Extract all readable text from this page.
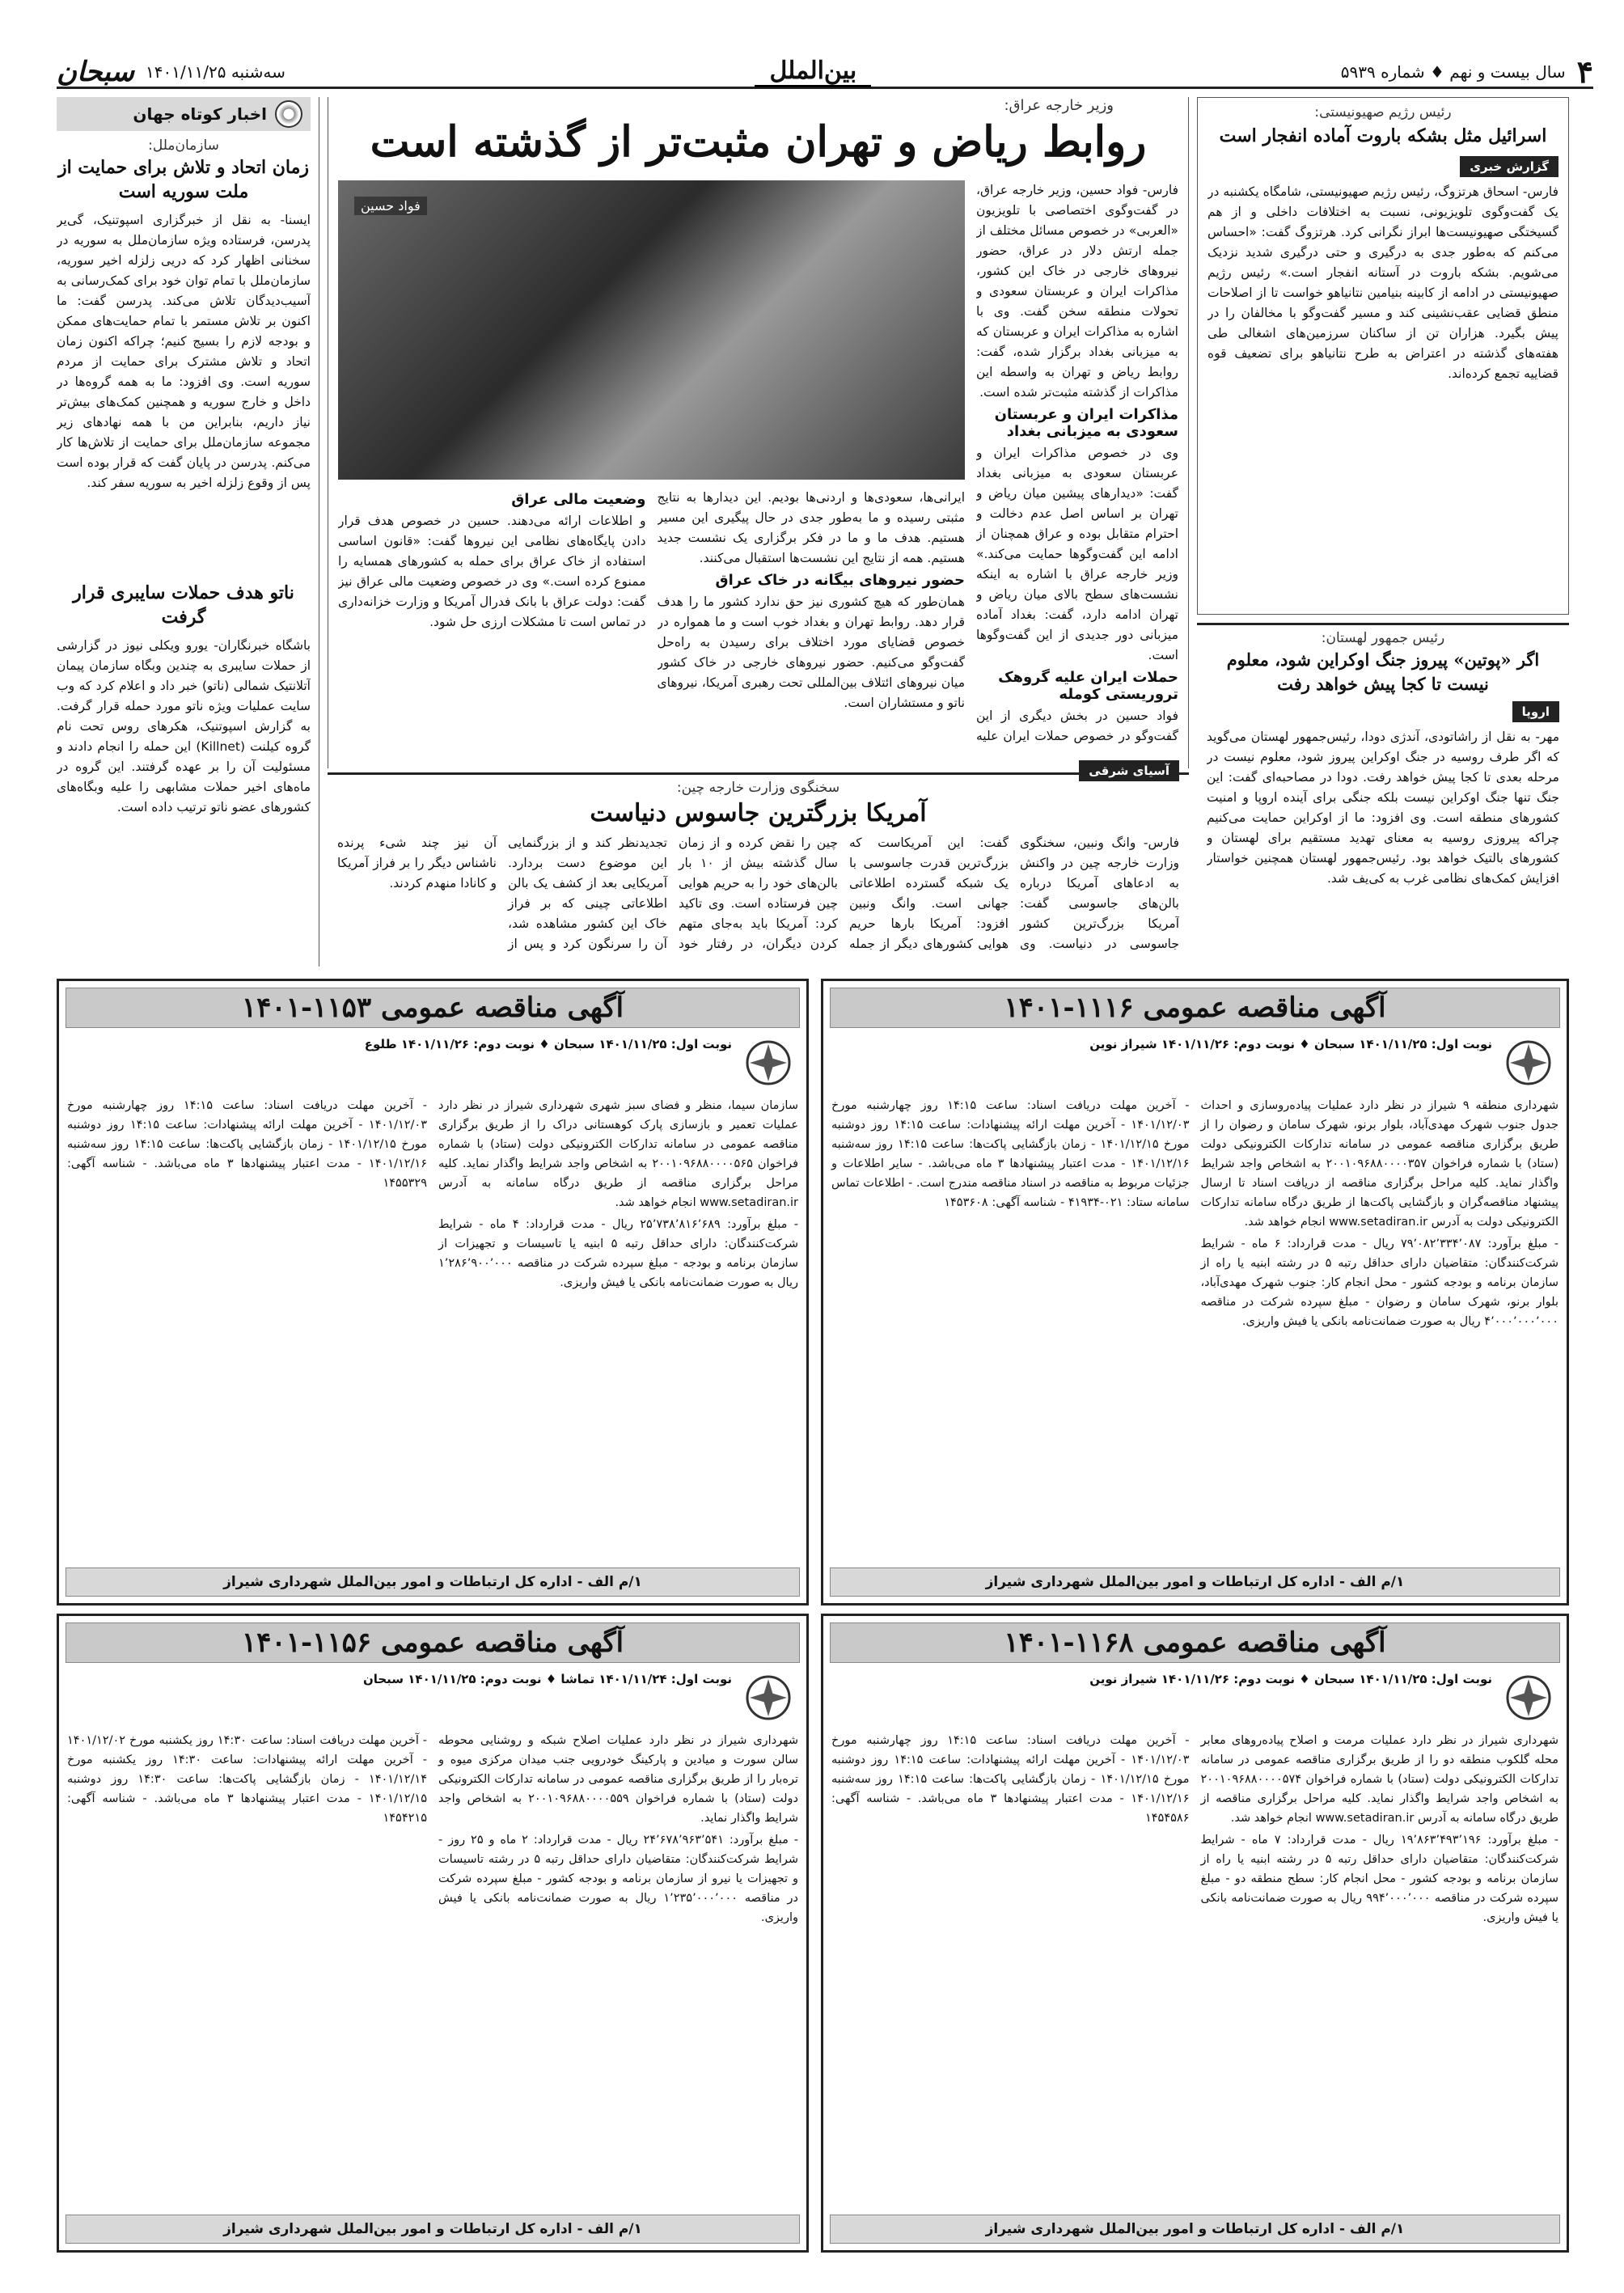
۴
سال بیست و نهم ♦ شماره ۵۹۳۹
بین‌الملل
سه‌شنبه ۱۴۰۱/۱۱/۲۵
سبحان
اخبار کوتاه جهان
سازمان‌ملل:
زمان اتحاد و تلاش برای حمایت از ملت سوریه است

ایسنا- به نقل از خبرگزاری اسپوتنیک، گی‌یر پدرسن، فرستاده ویژه سازمان‌ملل به سوریه در سخنانی اظهار کرد که دریی زلزله اخیر سوریه، سازمان‌ملل با تمام توان خود برای کمک‌رسانی به آسیب‌دیدگان تلاش می‌کند. پدرسن گفت: ما اکنون بر تلاش مستمر با تمام حمایت‌های ممکن و بودجه لازم را بسیج کنیم؛ چراکه اکنون زمان اتحاد و تلاش مشترک برای حمایت از مردم سوریه است. وی افزود: ما به همه گروه‌ها در داخل و خارج سوریه و همچنین کمک‌های بیش‌تر نیاز داریم، بنابراین من با همه نهادهای زیر مجموعه سازمان‌ملل برای حمایت از تلاش‌ها کار می‌کنم. پدرسن در پایان گفت که قرار بوده است پس از وقوع زلزله اخیر به سوریه سفر کند.

ناتو هدف حملات سایبری قرار گرفت

باشگاه خبرنگاران- یورو ویکلی نیوز در گزارشی از حملات سایبری به چندین وبگاه سازمان پیمان آتلانتیک شمالی (ناتو) خبر داد و اعلام کرد که وب سایت عملیات ویژه ناتو مورد حمله قرار گرفت. به گزارش اسپوتنیک، هکرهای روس تحت نام گروه کیلنت (Killnet) این حمله را انجام دادند و مسئولیت آن را بر عهده گرفتند. این گروه در ماه‌های اخیر حملات مشابهی را علیه وبگاه‌های کشورهای عضو ناتو ترتیب داده است.

رئیس رژیم صهیونیستی:
اسرائیل مثل بشکه باروت آماده انفجار است
گزارش خبری

فارس- اسحاق هرتزوگ، رئیس رژیم صهیونیستی، شامگاه یکشنبه در یک گفت‌وگوی تلویزیونی، نسبت به اختلافات داخلی و از هم گسیختگی صهیونیست‌ها ابراز نگرانی کرد. هرتزوگ گفت: «احساس می‌کنم که به‌طور جدی به درگیری و حتی درگیری شدید نزدیک می‌شویم. بشکه باروت در آستانه انفجار است.» رئیس رژیم صهیونیستی در ادامه از کابینه بنیامین نتانیاهو خواست تا از اصلاحات منطق قضایی عقب‌نشینی کند و مسیر گفت‌وگو با مخالفان را در پیش بگیرد. هزاران تن از ساکنان سرزمین‌های اشغالی طی هفته‌های گذشته در اعتراض به طرح نتانیاهو برای تضعیف قوه قضاییه تجمع کرده‌اند.

رئیس جمهور لهستان:
اگر «پوتین» پیروز جنگ اوکراین شود، معلوم نیست تا کجا پیش خواهد رفت
اروپا

مهر- به نقل از راشاتودی، آندژی دودا، رئیس‌جمهور لهستان می‌گوید که اگر طرف روسیه در جنگ اوکراین پیروز شود، معلوم نیست در مرحله بعدی تا کجا پیش خواهد رفت. دودا در مصاحبه‌ای گفت: این جنگ تنها جنگ اوکراین نیست بلکه جنگی برای آینده اروپا و امنیت کشورهای منطقه است. وی افزود: ما از اوکراین حمایت می‌کنیم چراکه پیروزی روسیه به معنای تهدید مستقیم برای لهستان و کشورهای بالتیک خواهد بود. رئیس‌جمهور لهستان همچنین خواستار افزایش کمک‌های نظامی غرب به کی‌یف شد.

وزیر خارجه عراق:
روابط ریاض و تهران مثبت‌تر از گذشته است

فارس- فواد حسین، وزیر خارجه عراق، در گفت‌وگوی اختصاصی با تلویزیون «العربی» در خصوص مسائل مختلف از جمله ارتش دلار در عراق، حضور نیروهای خارجی در خاک این کشور، مذاکرات ایران و عربستان سعودی و تحولات منطقه سخن گفت. وی با اشاره به مذاکرات ایران و عربستان که به میزبانی بغداد برگزار شده، گفت: روابط ریاض و تهران به واسطه این مذاکرات از گذشته مثبت‌تر شده است.

مذاکرات ایران و عربستان سعودی به میزبانی بغداد

وی در خصوص مذاکرات ایران و عربستان سعودی به میزبانی بغداد گفت: «دیدارهای پیشین میان ریاض و تهران بر اساس اصل عدم دخالت و احترام متقابل بوده و عراق همچنان از ادامه این گفت‌وگوها حمایت می‌کند.» وزیر خارجه عراق با اشاره به اینکه نشست‌های سطح بالای میان ریاض و تهران ادامه دارد، گفت: بغداد آماده میزبانی دور جدیدی از این گفت‌وگوها است.

حملات ایران علیه گروهک تروریستی کومله

فواد حسین در بخش دیگری از این گفت‌وگو در خصوص حملات ایران علیه

فواد حسین

ایرانی‌ها، سعودی‌ها و اردنی‌ها بودیم. این دیدارها به نتایج مثبتی رسیده و ما به‌طور جدی در حال پیگیری این مسیر هستیم. هدف ما و ما در فکر برگزاری یک نشست جدید هستیم. همه از نتایج این نشست‌ها استقبال می‌کنند.

حضور نیروهای بیگانه در خاک عراق

همان‌طور که هیچ کشوری نیز حق ندارد کشور ما را هدف قرار دهد. روابط تهران و بغداد خوب است و ما همواره در خصوص قضایای مورد اختلاف برای رسیدن به راه‌حل گفت‌وگو می‌کنیم. حضور نیروهای خارجی در خاک کشور میان نیروهای ائتلاف بین‌المللی تحت رهبری آمریکا، نیروهای ناتو و مستشاران است.

وضعیت مالی عراق

و اطلاعات ارائه می‌دهند. حسین در خصوص هدف قرار دادن پایگاه‌های نظامی این نیروها گفت: «قانون اساسی استفاده از خاک عراق برای حمله به کشورهای همسایه را ممنوع کرده است.» وی در خصوص وضعیت مالی عراق نیز گفت: دولت عراق با بانک فدرال آمریکا و وزارت خزانه‌داری در تماس است تا مشکلات ارزی حل شود.

آسیای شرقی
سخنگوی وزارت خارجه چین:
آمریکا بزرگترین جاسوس دنیاست

فارس- وانگ ونبین، سخنگوی وزارت خارجه چین در واکنش به ادعاهای آمریکا درباره بالن‌های جاسوسی گفت: آمریکا بزرگ‌ترین کشور جاسوسی در دنیاست. وی گفت: این آمریکاست که بزرگ‌ترین قدرت جاسوسی با یک شبکه گسترده اطلاعاتی جهانی است. وانگ ونبین افزود: آمریکا بارها حریم هوایی کشورهای دیگر از جمله چین را نقض کرده و از زمان سال گذشته بیش از ۱۰ بار بالن‌های خود را به حریم هوایی چین فرستاده است. وی تاکید کرد: آمریکا باید به‌جای متهم کردن دیگران، در رفتار خود تجدیدنظر کند و از بزرگنمایی این موضوع دست بردارد. آمریکایی بعد از کشف یک بالن اطلاعاتی چینی که بر فراز خاک این کشور مشاهده شد، آن را سرنگون کرد و پس از آن نیز چند شیء پرنده ناشناس دیگر را بر فراز آمریکا و کانادا منهدم کردند.

آگهی مناقصه عمومی ۱۱۱۶-۱۴۰۱
نوبت اول: ۱۴۰۱/۱۱/۲۵ سبحان ♦ نوبت دوم: ۱۴۰۱/۱۱/۲۶ شیراز نوین

شهرداری منطقه ۹ شیراز در نظر دارد عملیات پیاده‌روسازی و احداث جدول جنوب شهرک مهدی‌آباد، بلوار برنو، شهرک سامان و رضوان را از طریق برگزاری مناقصه عمومی در سامانه تدارکات الکترونیکی دولت (ستاد) با شماره فراخوان ۲۰۰۱۰۹۶۸۸۰۰۰۰۳۵۷ به اشخاص واجد شرایط واگذار نماید. کلیه مراحل برگزاری مناقصه از دریافت اسناد تا ارسال پیشنهاد مناقصه‌گران و بازگشایی پاکت‌ها از طریق درگاه سامانه تدارکات الکترونیکی دولت به آدرس www.setadiran.ir انجام خواهد شد.

- مبلغ برآورد: ۷۹٬۰۸۲٬۳۳۴٬۰۸۷ ریال - مدت قرارداد: ۶ ماه - شرایط شرکت‌کنندگان: متقاضیان دارای حداقل رتبه ۵ در رشته ابنیه یا راه از سازمان برنامه و بودجه کشور - محل انجام کار: جنوب شهرک مهدی‌آباد، بلوار برنو، شهرک سامان و رضوان - مبلغ سپرده شرکت در مناقصه ۴٬۰۰۰٬۰۰۰٬۰۰۰ ریال به صورت ضمانت‌نامه بانکی یا فیش واریزی.

- آخرین مهلت دریافت اسناد: ساعت ۱۴:۱۵ روز چهارشنبه مورخ ۱۴۰۱/۱۲/۰۳ - آخرین مهلت ارائه پیشنهادات: ساعت ۱۴:۱۵ روز دوشنبه مورخ ۱۴۰۱/۱۲/۱۵ - زمان بازگشایی پاکت‌ها: ساعت ۱۴:۱۵ روز سه‌شنبه ۱۴۰۱/۱۲/۱۶ - مدت اعتبار پیشنهادها ۳ ماه می‌باشد. - سایر اطلاعات و جزئیات مربوط به مناقصه در اسناد مناقصه مندرج است. - اطلاعات تماس سامانه ستاد: ۰۲۱-۴۱۹۳۴ - شناسه آگهی: ۱۴۵۳۶۰۸

۱/م الف - اداره کل ارتباطات و امور بین‌الملل شهرداری شیراز
آگهی مناقصه عمومی ۱۱۵۳-۱۴۰۱
نوبت اول: ۱۴۰۱/۱۱/۲۵ سبحان ♦ نوبت دوم: ۱۴۰۱/۱۱/۲۶ طلوع

سازمان سیما، منظر و فضای سبز شهری شهرداری شیراز در نظر دارد عملیات تعمیر و بازسازی پارک کوهستانی دراک را از طریق برگزاری مناقصه عمومی در سامانه تدارکات الکترونیکی دولت (ستاد) با شماره فراخوان ۲۰۰۱۰۹۶۸۸۰۰۰۰۵۶۵ به اشخاص واجد شرایط واگذار نماید. کلیه مراحل برگزاری مناقصه از طریق درگاه سامانه به آدرس www.setadiran.ir انجام خواهد شد.

- مبلغ برآورد: ۲۵٬۷۳۸٬۸۱۶٬۶۸۹ ریال - مدت قرارداد: ۴ ماه - شرایط شرکت‌کنندگان: دارای حداقل رتبه ۵ ابنیه یا تاسیسات و تجهیزات از سازمان برنامه و بودجه - مبلغ سپرده شرکت در مناقصه ۱٬۲۸۶٬۹۰۰٬۰۰۰ ریال به صورت ضمانت‌نامه بانکی یا فیش واریزی.

- آخرین مهلت دریافت اسناد: ساعت ۱۴:۱۵ روز چهارشنبه مورخ ۱۴۰۱/۱۲/۰۳ - آخرین مهلت ارائه پیشنهادات: ساعت ۱۴:۱۵ روز دوشنبه مورخ ۱۴۰۱/۱۲/۱۵ - زمان بازگشایی پاکت‌ها: ساعت ۱۴:۱۵ روز سه‌شنبه ۱۴۰۱/۱۲/۱۶ - مدت اعتبار پیشنهادها ۳ ماه می‌باشد. - شناسه آگهی: ۱۴۵۵۳۲۹

۱/م الف - اداره کل ارتباطات و امور بین‌الملل شهرداری شیراز
آگهی مناقصه عمومی ۱۱۶۸-۱۴۰۱
نوبت اول: ۱۴۰۱/۱۱/۲۵ سبحان ♦ نوبت دوم: ۱۴۰۱/۱۱/۲۶ شیراز نوین

شهرداری شیراز در نظر دارد عملیات مرمت و اصلاح پیاده‌روهای معابر محله گلکوب منطقه دو را از طریق برگزاری مناقصه عمومی در سامانه تدارکات الکترونیکی دولت (ستاد) با شماره فراخوان ۲۰۰۱۰۹۶۸۸۰۰۰۰۵۷۴ به اشخاص واجد شرایط واگذار نماید. کلیه مراحل برگزاری مناقصه از طریق درگاه سامانه به آدرس www.setadiran.ir انجام خواهد شد.

- مبلغ برآورد: ۱۹٬۸۶۳٬۴۹۳٬۱۹۶ ریال - مدت قرارداد: ۷ ماه - شرایط شرکت‌کنندگان: متقاضیان دارای حداقل رتبه ۵ در رشته ابنیه یا راه از سازمان برنامه و بودجه کشور - محل انجام کار: سطح منطقه دو - مبلغ سپرده شرکت در مناقصه ۹۹۴٬۰۰۰٬۰۰۰ ریال به صورت ضمانت‌نامه بانکی یا فیش واریزی.

- آخرین مهلت دریافت اسناد: ساعت ۱۴:۱۵ روز چهارشنبه مورخ ۱۴۰۱/۱۲/۰۳ - آخرین مهلت ارائه پیشنهادات: ساعت ۱۴:۱۵ روز دوشنبه مورخ ۱۴۰۱/۱۲/۱۵ - زمان بازگشایی پاکت‌ها: ساعت ۱۴:۱۵ روز سه‌شنبه ۱۴۰۱/۱۲/۱۶ - مدت اعتبار پیشنهادها ۳ ماه می‌باشد. - شناسه آگهی: ۱۴۵۴۵۸۶

۱/م الف - اداره کل ارتباطات و امور بین‌الملل شهرداری شیراز
آگهی مناقصه عمومی ۱۱۵۶-۱۴۰۱
نوبت اول: ۱۴۰۱/۱۱/۲۴ تماشا ♦ نوبت دوم: ۱۴۰۱/۱۱/۲۵ سبحان

شهرداری شیراز در نظر دارد عملیات اصلاح شبکه و روشنایی محوطه سالن سورت و میادین و پارکینگ خودرویی جنب میدان مرکزی میوه و تره‌بار را از طریق برگزاری مناقصه عمومی در سامانه تدارکات الکترونیکی دولت (ستاد) با شماره فراخوان ۲۰۰۱۰۹۶۸۸۰۰۰۰۵۵۹ به اشخاص واجد شرایط واگذار نماید.

- مبلغ برآورد: ۲۴٬۶۷۸٬۹۶۳٬۵۴۱ ریال - مدت قرارداد: ۲ ماه و ۲۵ روز - شرایط شرکت‌کنندگان: متقاضیان دارای حداقل رتبه ۵ در رشته تاسیسات و تجهیزات یا نیرو از سازمان برنامه و بودجه کشور - مبلغ سپرده شرکت در مناقصه ۱٬۲۳۵٬۰۰۰٬۰۰۰ ریال به صورت ضمانت‌نامه بانکی یا فیش واریزی.

- آخرین مهلت دریافت اسناد: ساعت ۱۴:۳۰ روز یکشنبه مورخ ۱۴۰۱/۱۲/۰۲ - آخرین مهلت ارائه پیشنهادات: ساعت ۱۴:۳۰ روز یکشنبه مورخ ۱۴۰۱/۱۲/۱۴ - زمان بازگشایی پاکت‌ها: ساعت ۱۴:۳۰ روز دوشنبه ۱۴۰۱/۱۲/۱۵ - مدت اعتبار پیشنهادها ۳ ماه می‌باشد. - شناسه آگهی: ۱۴۵۴۲۱۵

۱/م الف - اداره کل ارتباطات و امور بین‌الملل شهرداری شیراز
